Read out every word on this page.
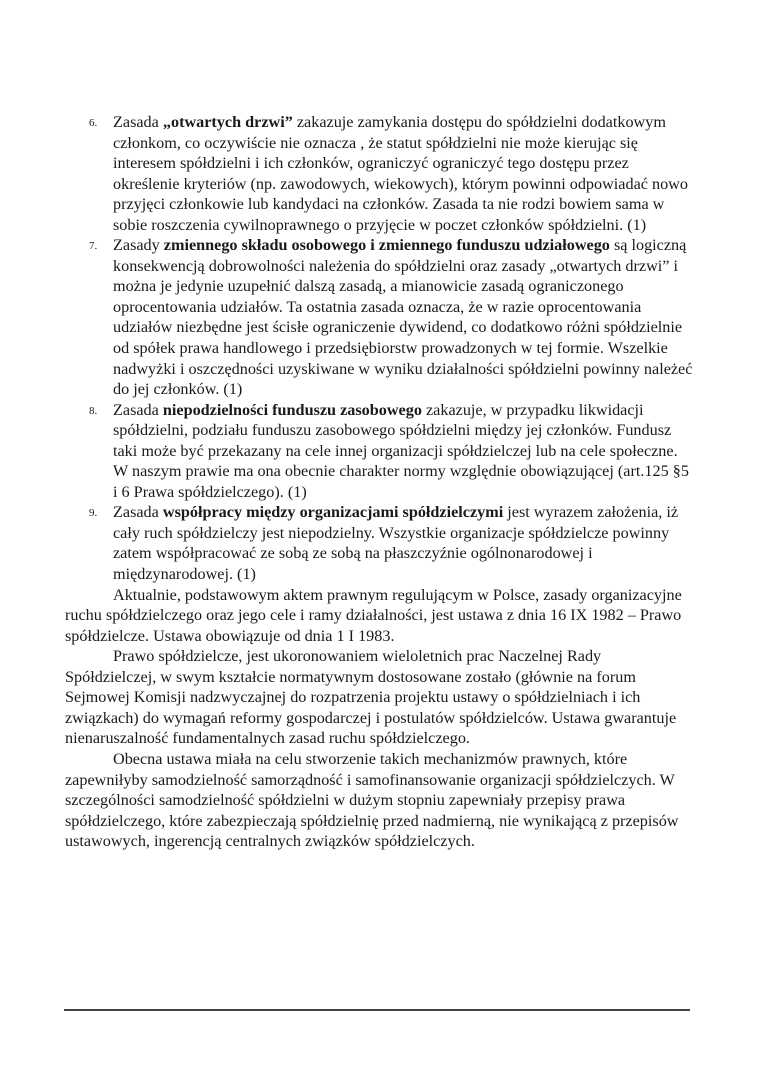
6. Zasada „otwartych drzwi” zakazuje zamykania dostępu do spółdzielni dodatkowym członkom, co oczywiście nie oznacza , że statut spółdzielni nie może kierując się interesem spółdzielni i ich członków, ograniczyć ograniczyć tego dostępu przez określenie kryteriów (np. zawodowych, wiekowych), którym powinni odpowiadać nowo przyjęci członkowie lub kandydaci na członków. Zasada ta nie rodzi bowiem sama w sobie roszczenia cywilnoprawnego o przyjęcie w poczet członków spółdzielni. (1)
7. Zasady zmiennego składu osobowego i zmiennego funduszu udziałowego są logiczną konsekwencją dobrowolności należenia do spółdzielni oraz zasady „otwartych drzwi” i można je jedynie uzupełnić dalszą zasadą, a mianowicie zasadą ograniczonego oprocentowania udziałów. Ta ostatnia zasada oznacza, że w razie oprocentowania udziałów niezbędne jest ścisłe ograniczenie dywidend, co dodatkowo różni spółdzielnie od spółek prawa handlowego i przedsiębiorstw prowadzonych w tej formie. Wszelkie nadwyżki i oszczędności uzyskiwane w wyniku działalności spółdzielni powinny należeć do jej członków. (1)
8. Zasada niepodzielności funduszu zasobowego zakazuje, w przypadku likwidacji spółdzielni, podziału funduszu zasobowego spółdzielni między jej członków. Fundusz taki może być przekazany na cele innej organizacji spółdzielczej lub na cele społeczne. W naszym prawie ma ona obecnie charakter normy względnie obowiązującej (art.125 §5 i 6 Prawa spółdzielczego). (1)
9. Zasada współpracy między organizacjami spółdzielczymi jest wyrazem założenia, iż cały ruch spółdzielczy jest niepodzielny. Wszystkie organizacje spółdzielcze powinny zatem współpracować ze sobą ze sobą na płaszczyźnie ogólnonarodowej i międzynarodowej. (1)

Aktualnie, podstawowym aktem prawnym regulującym w Polsce, zasady organizacyjne ruchu spółdzielczego oraz jego cele i ramy działalności, jest ustawa z dnia 16 IX 1982 – Prawo spółdzielcze. Ustawa obowiązuje od dnia 1 I 1983.

Prawo spółdzielcze, jest ukoronowaniem wieloletnich prac Naczelnej Rady Spółdzielczej, w swym kształcie normatywnym dostosowane zostało (głównie na forum Sejmowej Komisji nadzwyczajnej do rozpatrzenia projektu ustawy o spółdzielniach i ich związkach) do wymagań reformy gospodarczej i postulatów spółdzielców. Ustawa gwarantuje nienaruszalność fundamentalnych zasad ruchu spółdzielczego.

Obecna ustawa miała na celu stworzenie takich mechanizmów prawnych, które zapewniłyby samodzielność samorządność i samofinansowanie organizacji spółdzielczych. W szczególności samodzielność spółdzielni w dużym stopniu zapewniały przepisy prawa spółdzielczego, które zabezpieczają spółdzielnię przed nadmierną, nie wynikającą z przepisów ustawowych, ingerencją centralnych związków spółdzielczych.
